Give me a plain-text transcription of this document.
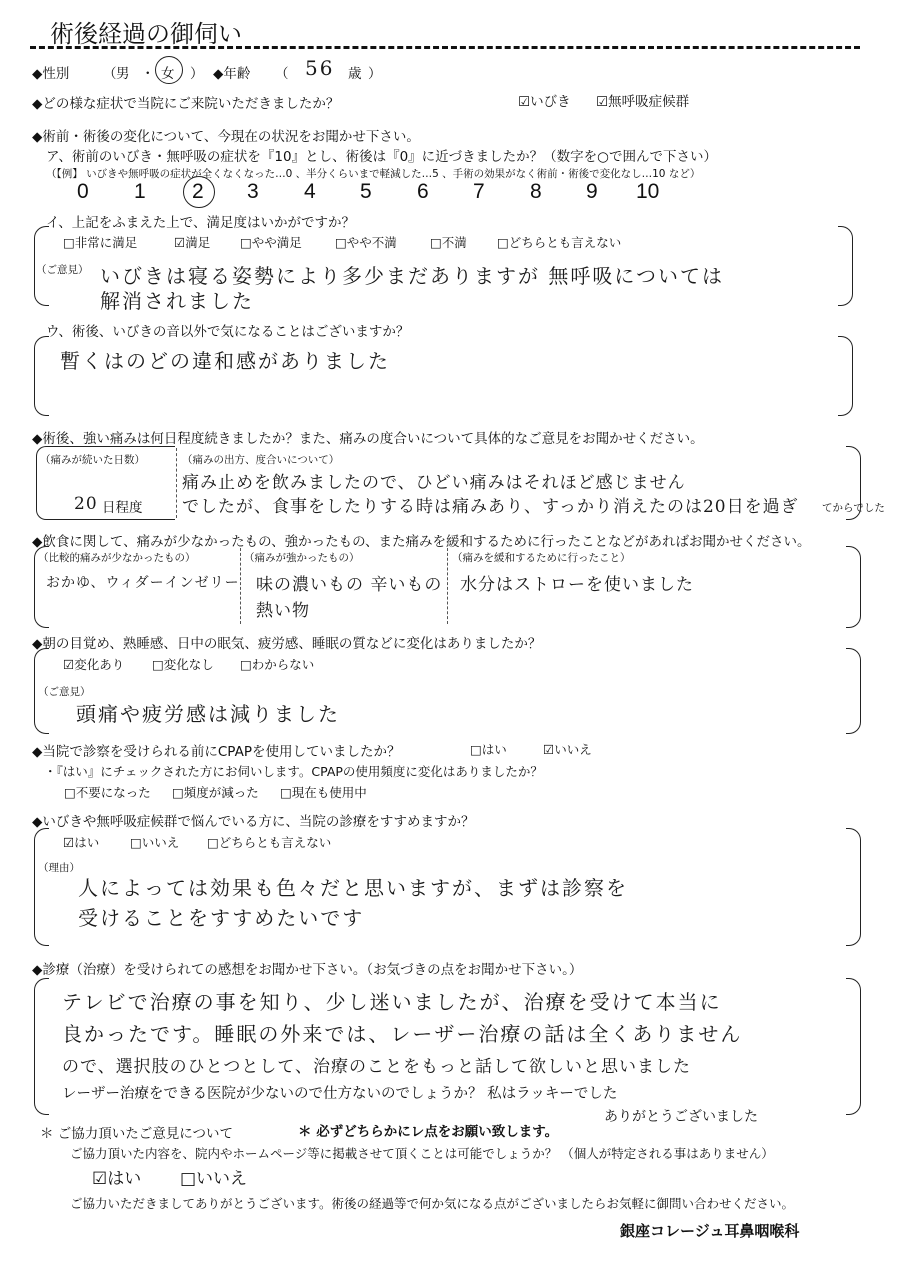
術後経過の御伺い
◆性別 （ 男 ・ 女 ） ◆年齢 （ 56 歳 ）
◆どの様な症状で当院にご来院いただきましたか？	☑いびき ☑無呼吸症候群
◆術前・術後の変化について、今現在の状況をお聞かせ下さい。
ア、術前のいびき・無呼吸の症状を『10』とし、術後は『0』に近づきましたか？（数字を○で囲んで下さい）
（【例】 いびきや無呼吸の症状が全くなくなった…0 、半分くらいまで軽減した…5 、手術の効果がなく術前・術後で変化なし…10 など）
0 1 2 3 4 5 6 7 8 9 10
イ、上記をふまえた上で、満足度はいかがですか？
□非常に満足	☑満足 □やや満足	□やや不満	□不満 □どちらとも言えない
（ご意見） いびきは寝る姿勢により多少まだありますが 無呼吸については
解消されました
ウ、術後、いびきの音以外で気になることはございますか？
暫くはのどの違和感がありました
◆術後、強い痛みは何日程度続きましたか？また、痛みの度合いについて具体的なご意見をお聞かせください。
（痛みが続いた日数）
20 日程度
（痛みの出方、度合いについて）
痛み止めを飲みましたので、ひどい痛みはそれほど感じません
でしたが、食事をしたりする時は痛みあり、すっかり消えたのは20日を過ぎ てからでした
◆飲食に関して、痛みが少なかったもの、強かったもの、また痛みを緩和するために行ったことなどがあればお聞かせください。
（比較的痛みが少なかったもの）
おかゆ、ウィダーインゼリー
（痛みが強かったもの）
味の濃いもの 辛いもの
熱い物
（痛みを緩和するために行ったこと）
水分はストローを使いました
◆朝の目覚め、熟睡感、日中の眠気、疲労感、睡眠の質などに変化はありましたか？
☑変化あり □変化なし □わからない
（ご意見）
頭痛や疲労感は減りました
◆当院で診察を受けられる前にCPAPを使用していましたか？	□はい	☑いいえ
・『はい』にチェックされた方にお伺いします。CPAPの使用頻度に変化はありましたか？
□不要になった □頻度が減った □現在も使用中
◆いびきや無呼吸症候群で悩んでいる方に、当院の診療をすすめますか？
☑はい □いいえ □どちらとも言えない
（理由）
人によっては効果も色々だと思いますが、まずは診察を
受けることをすすめたいです
◆診療（治療）を受けられての感想をお聞かせ下さい。（お気づきの点をお聞かせ下さい。）
テレビで治療の事を知り、少し迷いましたが、治療を受けて本当に
良かったです。睡眠の外来では、レーザー治療の話は全くありません
ので、選択肢のひとつとして、治療のことをもっと話して欲しいと思いました
レーザー治療をできる医院が少ないので仕方ないのでしょうか？ 私はラッキーでした
ありがとうございました
＊ ご協力頂いたご意見について	＊ 必ずどちらかにレ点をお願い致します。
ご協力頂いた内容を、院内やホームページ等に掲載させて頂くことは可能でしょうか？ （個人が特定される事はありません）
☑はい □いいえ
ご協力いただきましてありがとうございます。術後の経過等で何か気になる点がございましたらお気軽に御問い合わせください。
銀座コレージュ耳鼻咽喉科
